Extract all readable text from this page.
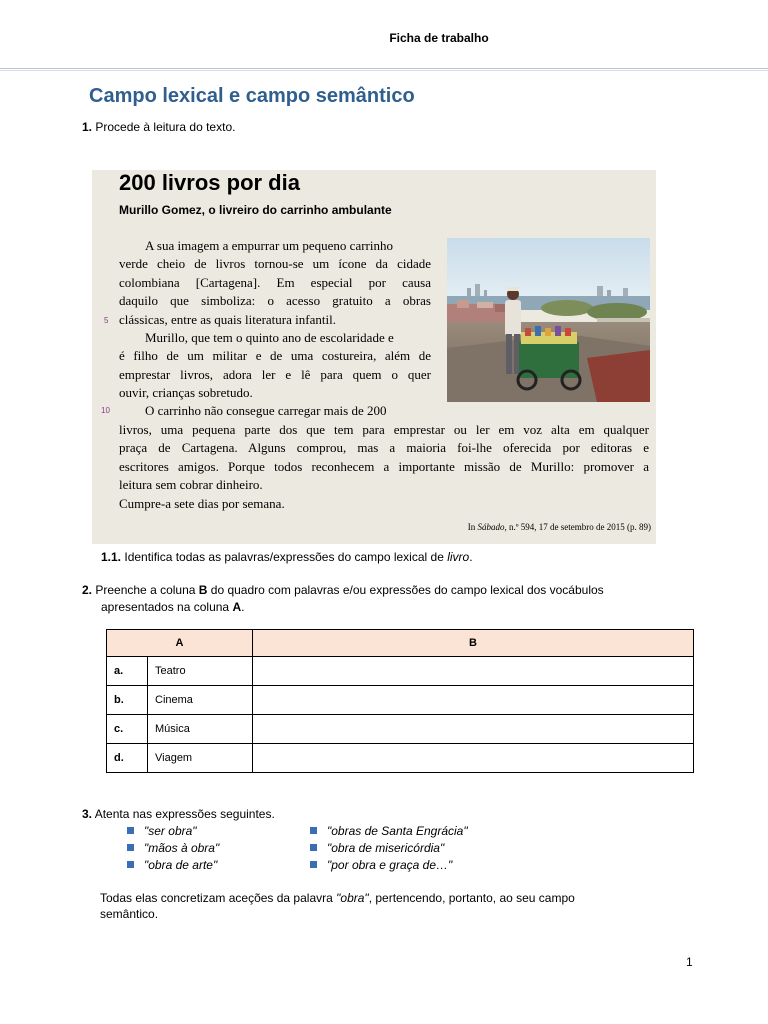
Ficha de trabalho
Campo lexical e campo semântico
1. Procede à leitura do texto.
200 livros por dia
Murillo Gomez, o livreiro do carrinho ambulante
A sua imagem a empurrar um pequeno carrinho
verde cheio de livros tornou-se um ícone da cidade
colombiana [Cartagena]. Em especial por causa
daquilo que simboliza: o acesso gratuito a obras
5 clássicas, entre as quais literatura infantil.
Murillo, que tem o quinto ano de escolaridade e
é filho de um militar e de uma costureira, além de
emprestar livros, adora ler e lê para quem o quer
ouvir, crianças sobretudo.
10	O carrinho não consegue carregar mais de 200
livros, uma pequena parte dos que tem para emprestar ou ler em voz alta em qualquer
praça de Cartagena. Alguns comprou, mas a maioria foi-lhe oferecida por editoras e
escritores amigos. Porque todos reconhecem a importante missão de Murillo: promover a
leitura sem cobrar dinheiro.
Cumpre-a sete dias por semana.
In Sábado, n.º 594, 17 de setembro de 2015 (p. 89)
1.1. Identifica todas as palavras/expressões do campo lexical de livro.
2. Preenche a coluna B do quadro com palavras e/ou expressões do campo lexical dos vocábulos
apresentados na coluna A.
A		B
a.	Teatro	
b.	Cinema	
c.	Música	
d.	Viagem	
3. Atenta nas expressões seguintes.
"ser obra"
"mãos à obra"
"obra de arte"
"obras de Santa Engrácia"
"obra de misericórdia"
"por obra e graça de…"
Todas elas concretizam aceções da palavra "obra", pertencendo, portanto, ao seu campo
semântico.
1
